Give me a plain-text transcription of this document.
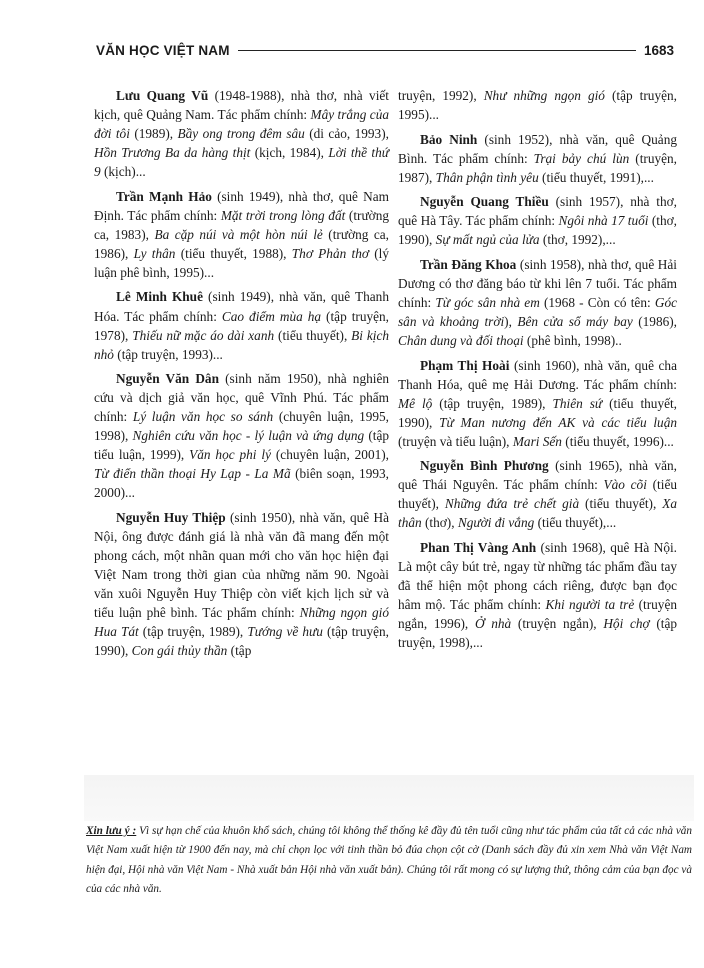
VĂN HỌC VIỆT NAM	1683

Lưu Quang Vũ (1948-1988), nhà thơ, nhà viết kịch, quê Quảng Nam. Tác phẩm chính: Mây trắng của đời tôi (1989), Bầy ong trong đêm sâu (di cảo, 1993), Hồn Trương Ba da hàng thịt (kịch, 1984), Lời thề thứ 9 (kịch)...

Trần Mạnh Hảo (sinh 1949), nhà thơ, quê Nam Định. Tác phẩm chính: Mặt trời trong lòng đất (trường ca, 1983), Ba cặp núi và một hòn núi lẻ (trường ca, 1986), Ly thân (tiểu thuyết, 1988), Thơ Phản thơ (lý luận phê bình, 1995)...

Lê Minh Khuê (sinh 1949), nhà văn, quê Thanh Hóa. Tác phẩm chính: Cao điểm mùa hạ (tập truyện, 1978), Thiếu nữ mặc áo dài xanh (tiểu thuyết), Bi kịch nhỏ (tập truyện, 1993)...

Nguyễn Văn Dân (sinh năm 1950), nhà nghiên cứu và dịch giả văn học, quê Vĩnh Phú. Tác phẩm chính: Lý luận văn học so sánh (chuyên luận, 1995, 1998), Nghiên cứu văn học - lý luận và ứng dụng (tập tiểu luận, 1999), Văn học phi lý (chuyên luận, 2001), Từ điển thần thoại Hy Lạp - La Mã (biên soạn, 1993, 2000)...

Nguyễn Huy Thiệp (sinh 1950), nhà văn, quê Hà Nội, ông được đánh giá là nhà văn đã mang đến một phong cách, một nhãn quan mới cho văn học hiện đại Việt Nam trong thời gian của những năm 90. Ngoài văn xuôi Nguyễn Huy Thiệp còn viết kịch lịch sử và tiểu luận phê bình. Tác phẩm chính: Những ngọn gió Hua Tát (tập truyện, 1989), Tướng về hưu (tập truyện, 1990), Con gái thủy thần (tập

truyện, 1992), Như những ngọn gió (tập truyện, 1995)...

Bảo Ninh (sinh 1952), nhà văn, quê Quảng Bình. Tác phẩm chính: Trại bảy chú lùn (truyện, 1987), Thân phận tình yêu (tiểu thuyết, 1991),...

Nguyễn Quang Thiều (sinh 1957), nhà thơ, quê Hà Tây. Tác phẩm chính: Ngôi nhà 17 tuổi (thơ, 1990), Sự mất ngủ của lửa (thơ, 1992),...

Trần Đăng Khoa (sinh 1958), nhà thơ, quê Hải Dương có thơ đăng báo từ khi lên 7 tuổi. Tác phẩm chính: Từ góc sân nhà em (1968 - Còn có tên: Góc sân và khoảng trời), Bên cửa sổ máy bay (1986), Chân dung và đối thoại (phê bình, 1998)..

Phạm Thị Hoài (sinh 1960), nhà văn, quê cha Thanh Hóa, quê mẹ Hải Dương. Tác phẩm chính: Mê lộ (tập truyện, 1989), Thiên sứ (tiểu thuyết, 1990), Từ Man nương đến AK và các tiểu luận (truyện và tiểu luận), Mari Sến (tiểu thuyết, 1996)...

Nguyễn Bình Phương (sinh 1965), nhà văn, quê Thái Nguyên. Tác phẩm chính: Vào cõi (tiểu thuyết), Những đứa trẻ chết già (tiểu thuyết), Xa thân (thơ), Người đi vắng (tiểu thuyết),...

Phan Thị Vàng Anh (sinh 1968), quê Hà Nội. Là một cây bút trẻ, ngay từ những tác phẩm đầu tay đã thể hiện một phong cách riêng, được bạn đọc hâm mộ. Tác phẩm chính: Khi người ta trẻ (truyện ngắn, 1996), Ở nhà (truyện ngắn), Hội chợ (tập truyện, 1998),...

Xin lưu ý : Vì sự hạn chế của khuôn khổ sách, chúng tôi không thể thống kê đầy đủ tên tuổi cũng như tác phẩm của tất cả các nhà văn Việt Nam xuất hiện từ 1900 đến nay, mà chỉ chọn lọc với tinh thần bỏ đúa chọn cột cờ (Danh sách đầy đủ xin xem Nhà văn Việt Nam hiện đại, Hội nhà văn Việt Nam - Nhà xuất bản Hội nhà văn xuất bản). Chúng tôi rất mong có sự lượng thứ, thông cảm của bạn đọc và của các nhà văn.
